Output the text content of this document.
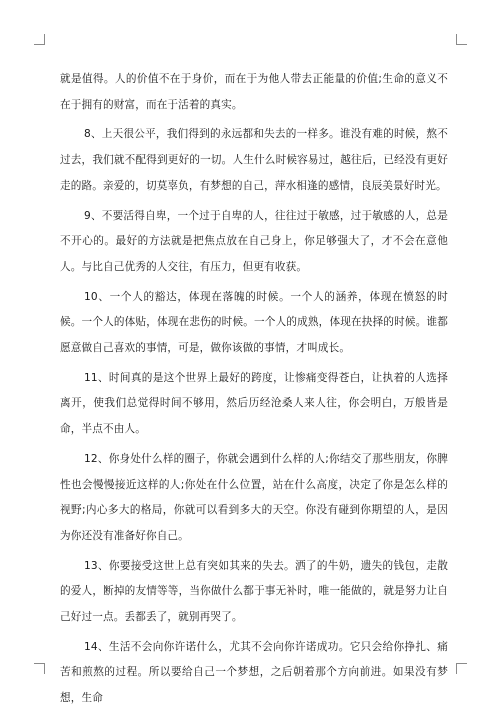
就是值得。人的价值不在于身价，而在于为他人带去正能量的价值;生命的意义不在于拥有的财富，而在于活着的真实。

8、上天很公平，我们得到的永远都和失去的一样多。谁没有难的时候，熬不过去，我们就不配得到更好的一切。人生什么时候容易过，越往后，已经没有更好走的路。亲爱的，切莫辜负，有梦想的自己，萍水相逢的感情，良辰美景好时光。

9、不要活得自卑，一个过于自卑的人，往往过于敏感，过于敏感的人，总是不开心的。最好的方法就是把焦点放在自己身上，你足够强大了，才不会在意他人。与比自己优秀的人交往，有压力，但更有收获。

10、一个人的豁达，体现在落魄的时候。一个人的涵养，体现在愤怒的时候。一个人的体贴，体现在悲伤的时候。一个人的成熟，体现在抉择的时候。谁都愿意做自己喜欢的事情，可是，做你该做的事情，才叫成长。

11、时间真的是这个世界上最好的跨度，让惨痛变得苍白，让执着的人选择离开，使我们总觉得时间不够用，然后历经沧桑人来人往，你会明白，万般皆是命，半点不由人。

12、你身处什么样的圈子，你就会遇到什么样的人;你结交了那些朋友，你脾性也会慢慢接近这样的人;你处在什么位置，站在什么高度，决定了你是怎么样的视野;内心多大的格局，你就可以看到多大的天空。你没有碰到你期望的人，是因为你还没有准备好你自己。

13、你要接受这世上总有突如其来的失去。洒了的牛奶，遗失的钱包，走散的爱人，断掉的友情等等，当你做什么都于事无补时，唯一能做的，就是努力让自己好过一点。丢都丢了，就别再哭了。

14、生活不会向你许诺什么，尤其不会向你许诺成功。它只会给你挣扎、痛苦和煎熬的过程。所以要给自己一个梦想，之后朝着那个方向前进。如果没有梦想，生命
